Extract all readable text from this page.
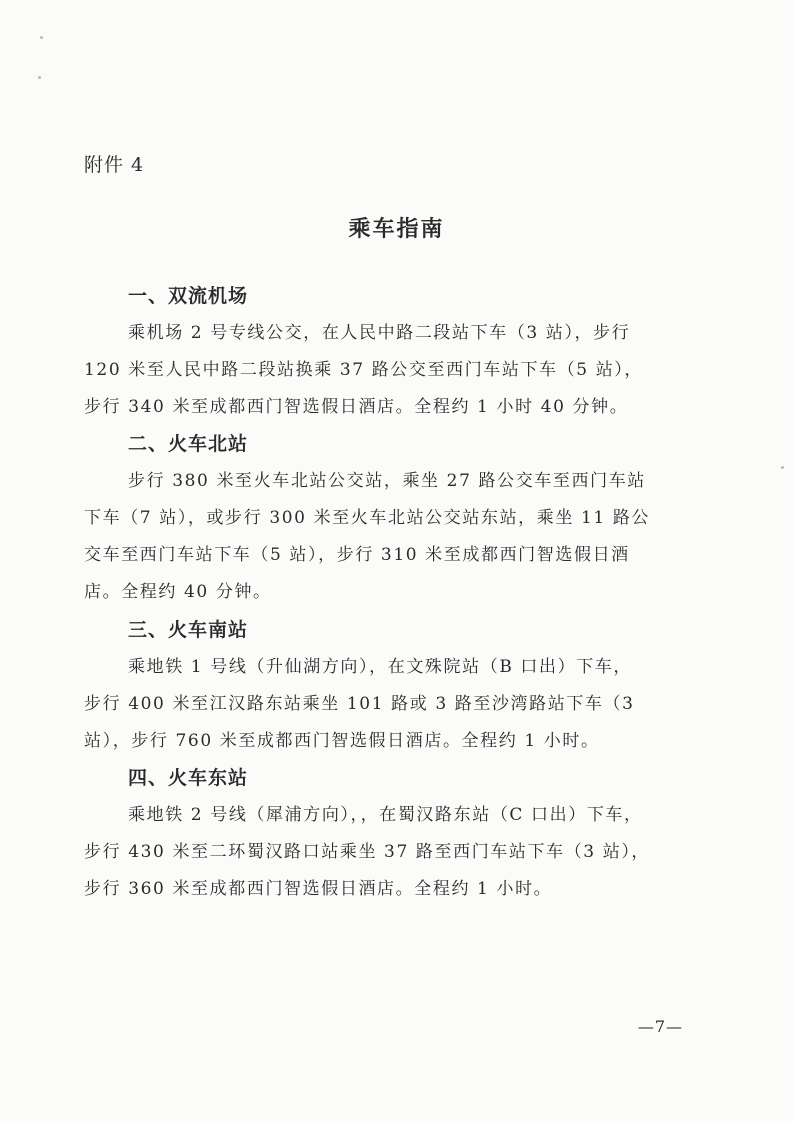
附件 4
乘车指南
一、双流机场
乘机场 2 号专线公交，在人民中路二段站下车（3 站），步行
120 米至人民中路二段站换乘 37 路公交至西门车站下车（5 站），
步行 340 米至成都西门智选假日酒店。全程约 1 小时 40 分钟。
二、火车北站
步行 380 米至火车北站公交站，乘坐 27 路公交车至西门车站
下车（7 站），或步行 300 米至火车北站公交站东站，乘坐 11 路公
交车至西门车站下车（5 站），步行 310 米至成都西门智选假日酒
店。全程约 40 分钟。
三、火车南站
乘地铁 1 号线（升仙湖方向），在文殊院站（B 口出）下车，
步行 400 米至江汉路东站乘坐 101 路或 3 路至沙湾路站下车（3
站），步行 760 米至成都西门智选假日酒店。全程约 1 小时。
四、火车东站
乘地铁 2 号线（犀浦方向），，在蜀汉路东站（C 口出）下车，
步行 430 米至二环蜀汉路口站乘坐 37 路至西门车站下车（3 站），
步行 360 米至成都西门智选假日酒店。全程约 1 小时。
—7—
